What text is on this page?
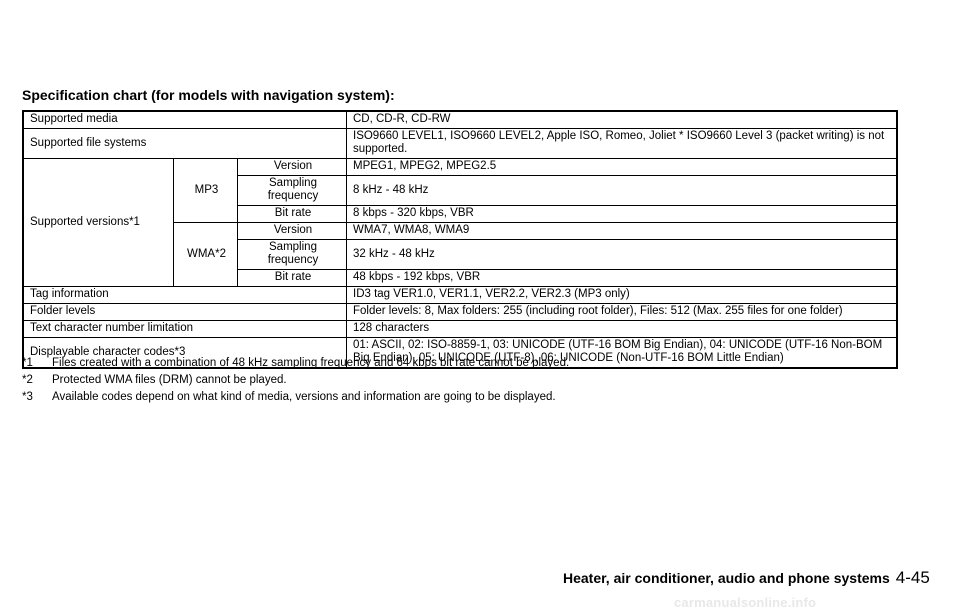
Specification chart (for models with navigation system):
Supported media			CD, CD-R, CD-RW
Supported file systems			ISO9660 LEVEL1, ISO9660 LEVEL2, Apple ISO, Romeo, Joliet * ISO9660 Level 3 (packet writing) is not supported.
Supported versions*1	MP3	Version	MPEG1, MPEG2, MPEG2.5
		Sampling frequency	8 kHz - 48 kHz
		Bit rate	8 kbps - 320 kbps, VBR
	WMA*2	Version	WMA7, WMA8, WMA9
		Sampling frequency	32 kHz - 48 kHz
		Bit rate	48 kbps - 192 kbps, VBR
Tag information			ID3 tag VER1.0, VER1.1, VER2.2, VER2.3 (MP3 only)
Folder levels			Folder levels: 8, Max folders: 255 (including root folder), Files: 512 (Max. 255 files for one folder)
Text character number limitation			128 characters
Displayable character codes*3			01: ASCII, 02: ISO-8859-1, 03: UNICODE (UTF-16 BOM Big Endian), 04: UNICODE (UTF-16 Non-BOM Big Endian), 05: UNICODE (UTF-8), 06: UNICODE (Non-UTF-16 BOM Little Endian)
*1	Files created with a combination of 48 kHz sampling frequency and 64 kbps bit rate cannot be played.
*2	Protected WMA files (DRM) cannot be played.
*3	Available codes depend on what kind of media, versions and information are going to be displayed.
Heater, air conditioner, audio and phone systems 4-45
carmanualsonline.info
